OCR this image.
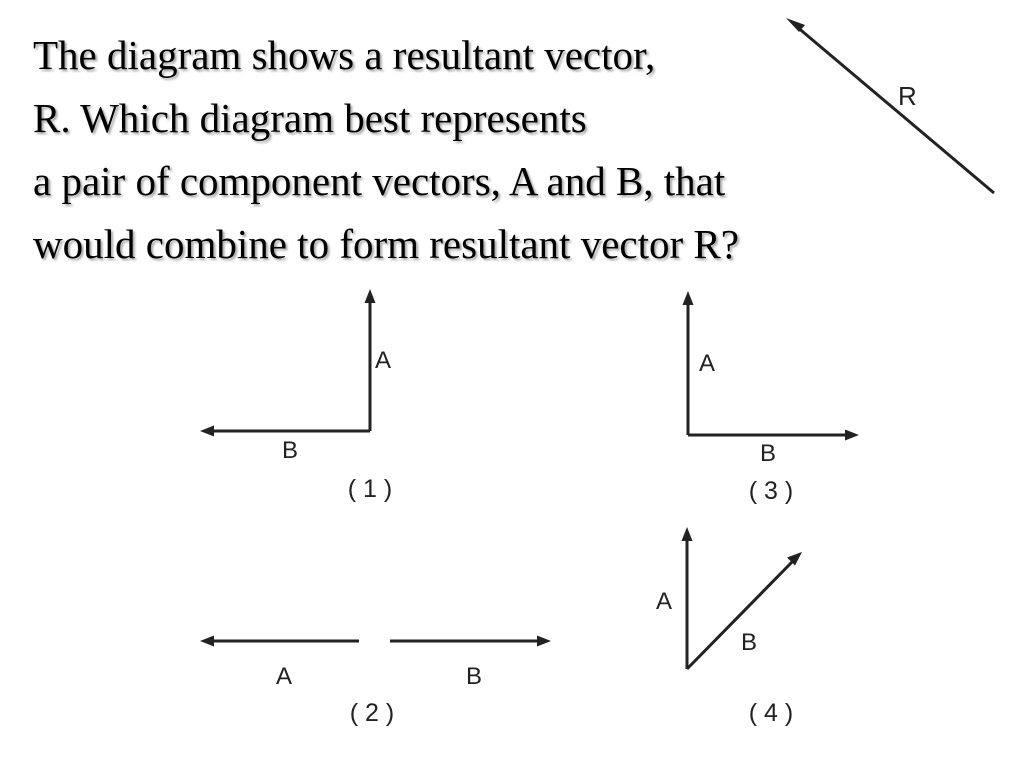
The diagram shows a resultant vector,
R. Which diagram best represents
a pair of component vectors, A and B, that
would combine to form resultant vector R?

R
A
B
( 1 )
A
B
( 3 )
A	B
( 2 )
A
B
( 4 )
